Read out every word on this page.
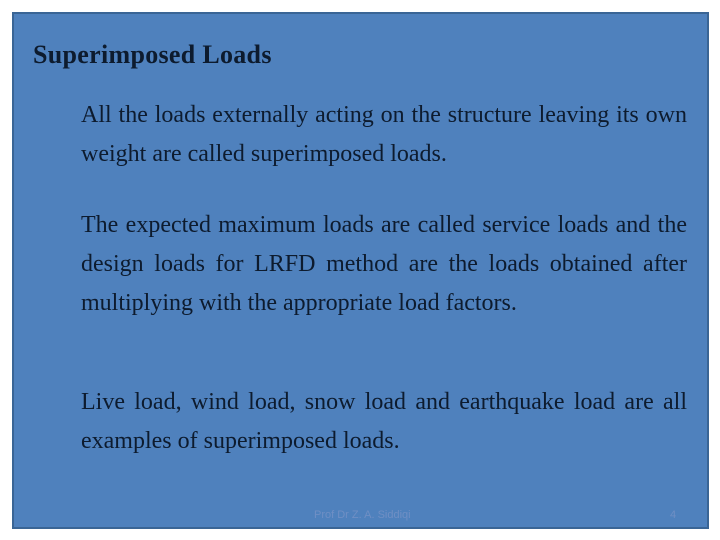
Superimposed Loads

All the loads externally acting on the structure leaving its own weight are called superimposed loads.

The expected maximum loads are called service loads and the design loads for LRFD method are the loads obtained after multiplying with the appropriate load factors.

Live load, wind load, snow load and earthquake load are all examples of superimposed loads.

Prof Dr Z. A. Siddiqi	4
